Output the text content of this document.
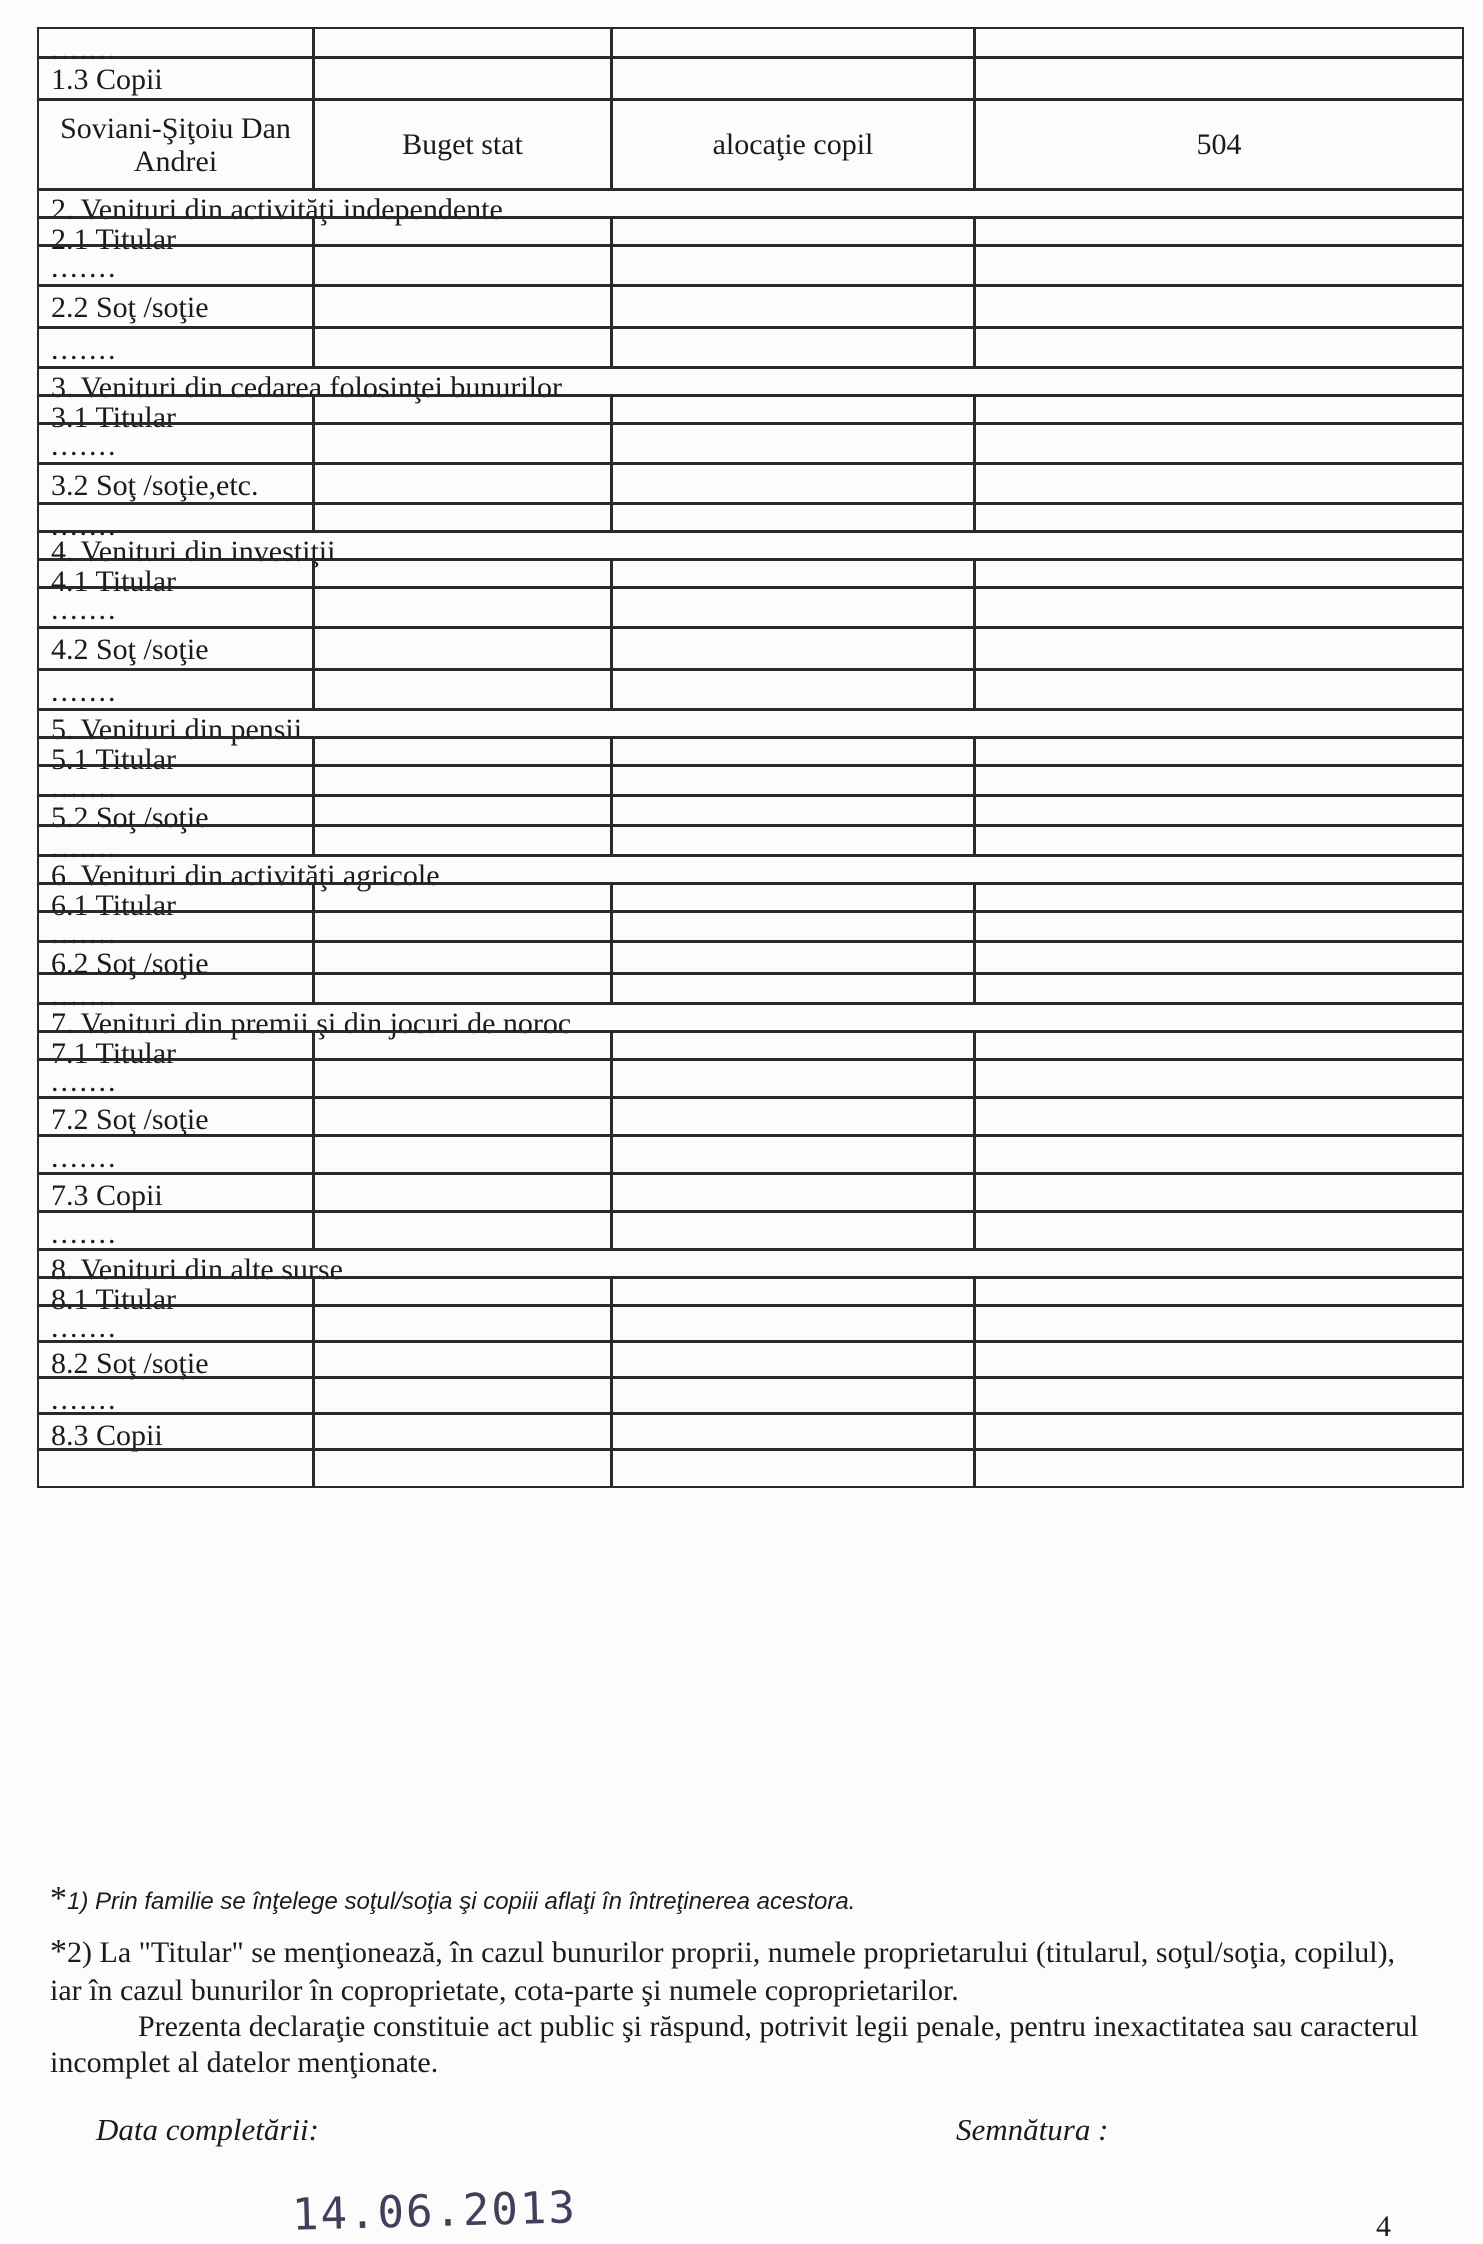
.......
1.3 Copii
Soviani-Şiţoiu Dan Andrei	Buget stat	alocaţie copil	504
2. Venituri din activităţi independente
2.1 Titular
.......
2.2 Soţ /soţie
.......
3. Venituri din cedarea folosinţei bunurilor
3.1 Titular
.......
3.2 Soţ /soţie,etc.
.......
4. Venituri din investiţii
4.1 Titular
.......
4.2 Soţ /soţie
.......
5. Venituri din pensii
5.1 Titular
.......
5.2 Soţ /soţie
.......
6. Venituri din activităţi agricole
6.1 Titular
.......
6.2 Soţ /soţie
.......
7. Venituri din premii şi din jocuri de noroc
7.1 Titular
.......
7.2 Soţ /soţie
.......
7.3 Copii
.......
8. Venituri din alte surse
8.1 Titular
.......
8.2 Soţ /soţie
.......
8.3 Copii

*1) Prin familie se înţelege soţul/soţia şi copiii aflaţi în întreţinerea acestora.

*2) La "Titular" se menţionează, în cazul bunurilor proprii, numele proprietarului (titularul, soţul/soţia, copilul), iar în cazul bunurilor în coproprietate, cota-parte şi numele coproprietarilor.

Prezenta declaraţie constituie act public şi răspund, potrivit legii penale, pentru inexactitatea sau caracterul incomplet al datelor menţionate.

Data completării:	Semnătura :
14.06.2013	4
